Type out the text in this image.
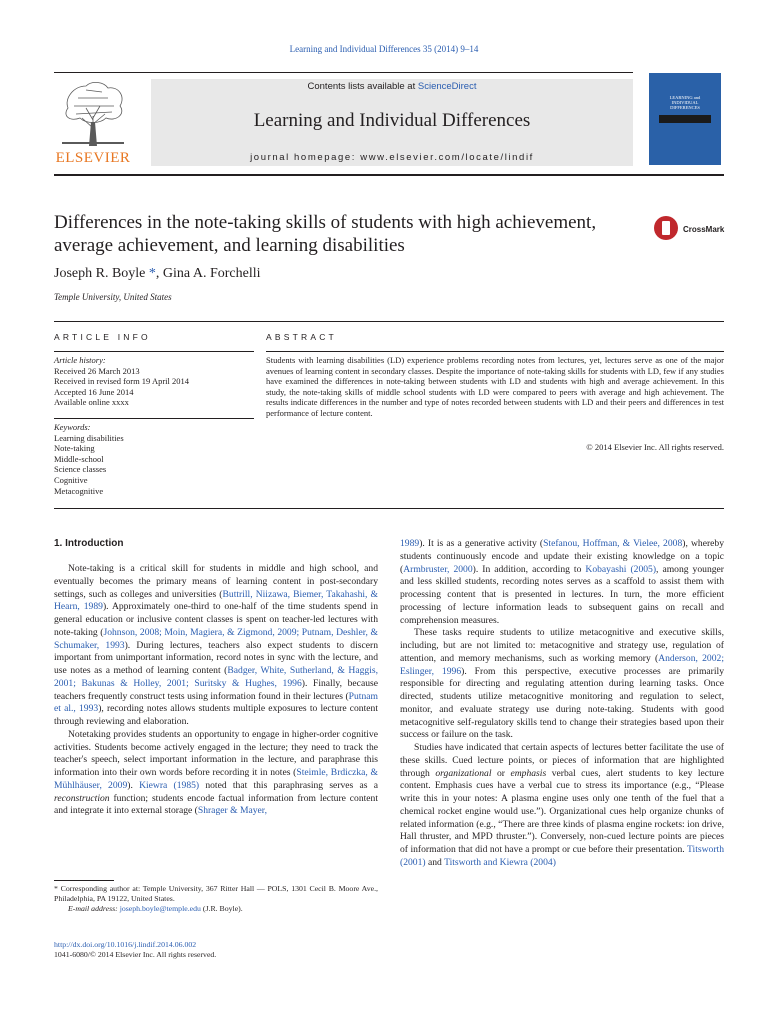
Learning and Individual Differences 35 (2014) 9–14
Contents lists available at ScienceDirect
Learning and Individual Differences
journal homepage: www.elsevier.com/locate/lindif
ELSEVIER
LEARNING and INDIVIDUAL DIFFERENCES
Differences in the note-taking skills of students with high achievement, average achievement, and learning disabilities
CrossMark
Joseph R. Boyle *, Gina A. Forchelli
Temple University, United States
ARTICLE INFO
Article history:
Received 26 March 2013
Received in revised form 19 April 2014
Accepted 16 June 2014
Available online xxxx
Keywords:
Learning disabilities
Note-taking
Middle-school
Science classes
Cognitive
Metacognitive
ABSTRACT
Students with learning disabilities (LD) experience problems recording notes from lectures, yet, lectures serve as one of the major avenues of learning content in secondary classes. Despite the importance of note-taking skills for students with LD, few if any studies have examined the differences in note-taking between students with LD and students with high and average achievement. In this study, the note-taking skills of middle school students with LD were compared to peers with average and high achievement. The results indicate differences in the number and type of notes recorded between students with LD and their peers and differences in test performance of lecture content.
© 2014 Elsevier Inc. All rights reserved.
1. Introduction

Note-taking is a critical skill for students in middle and high school, and eventually becomes the primary means of learning content in post-secondary settings, such as colleges and universities (Buttrill, Niizawa, Biemer, Takahashi, & Hearn, 1989). Approximately one-third to one-half of the time students spend in general education or inclusive content classes is spent on teacher-led lectures with note-taking (Johnson, 2008; Moin, Magiera, & Zigmond, 2009; Putnam, Deshler, & Schumaker, 1993). During lectures, teachers also expect students to discern important from unimportant information, record notes in sync with the lecture, and use notes as a method of learning content (Badger, White, Sutherland, & Haggis, 2001; Bakunas & Holley, 2001; Suritsky & Hughes, 1996). Finally, because teachers frequently construct tests using information found in their lectures (Putnam et al., 1993), recording notes allows students multiple exposures to lecture content through reviewing and elaboration.

Notetaking provides students an opportunity to engage in higher-order cognitive activities. Students become actively engaged in the lecture; they need to track the teacher's speech, select important information in the lecture, and paraphrase this information into their own words before recording it in notes (Steimle, Brdiczka, & Mühlhäuser, 2009). Kiewra (1985) noted that this paraphrasing serves as a reconstruction function; students encode factual information from lecture content and integrate it into external storage (Shrager & Mayer,

* Corresponding author at: Temple University, 367 Ritter Hall — POLS, 1301 Cecil B. Moore Ave., Philadelphia, PA 19122, United States.
E-mail address: joseph.boyle@temple.edu (J.R. Boyle).
http://dx.doi.org/10.1016/j.lindif.2014.06.002
1041-6080/© 2014 Elsevier Inc. All rights reserved.

1989). It is as a generative activity (Stefanou, Hoffman, & Vielee, 2008), whereby students continuously encode and update their existing knowledge on a topic (Armbruster, 2000). In addition, according to Kobayashi (2005), among younger and less skilled students, recording notes serves as a scaffold to assist them with processing content that is presented in lectures. In turn, the more efficient processing of lecture information leads to subsequent gains on recall and comprehension measures.

These tasks require students to utilize metacognitive and executive skills, including, but are not limited to: metacognitive and strategy use, regulation of attention, and memory mechanisms, such as working memory (Anderson, 2002; Eslinger, 1996). From this perspective, executive processes are primarily responsible for directing and regulating attention during learning tasks. Once directed, students utilize metacognitive monitoring and regulation to select, monitor, and evaluate strategy use during note-taking. Students with good metacognitive self-regulatory skills tend to change their strategies based upon their success or failure on the task.

Studies have indicated that certain aspects of lectures better facilitate the use of these skills. Cued lecture points, or pieces of information that are highlighted through organizational or emphasis verbal cues, alert students to key lecture content. Emphasis cues have a verbal cue to stress its importance (e.g., “Please write this in your notes: A plasma engine uses only one tenth of the fuel that a chemical rocket engine would use.”). Organizational cues help organize chunks of related information (e.g., “There are three kinds of plasma engine rockets: ion drive, Hall thruster, and MPD thruster.”). Conversely, non-cued lecture points are pieces of information that did not have a prompt or cue before their presentation. Titsworth (2001) and Titsworth and Kiewra (2004)
